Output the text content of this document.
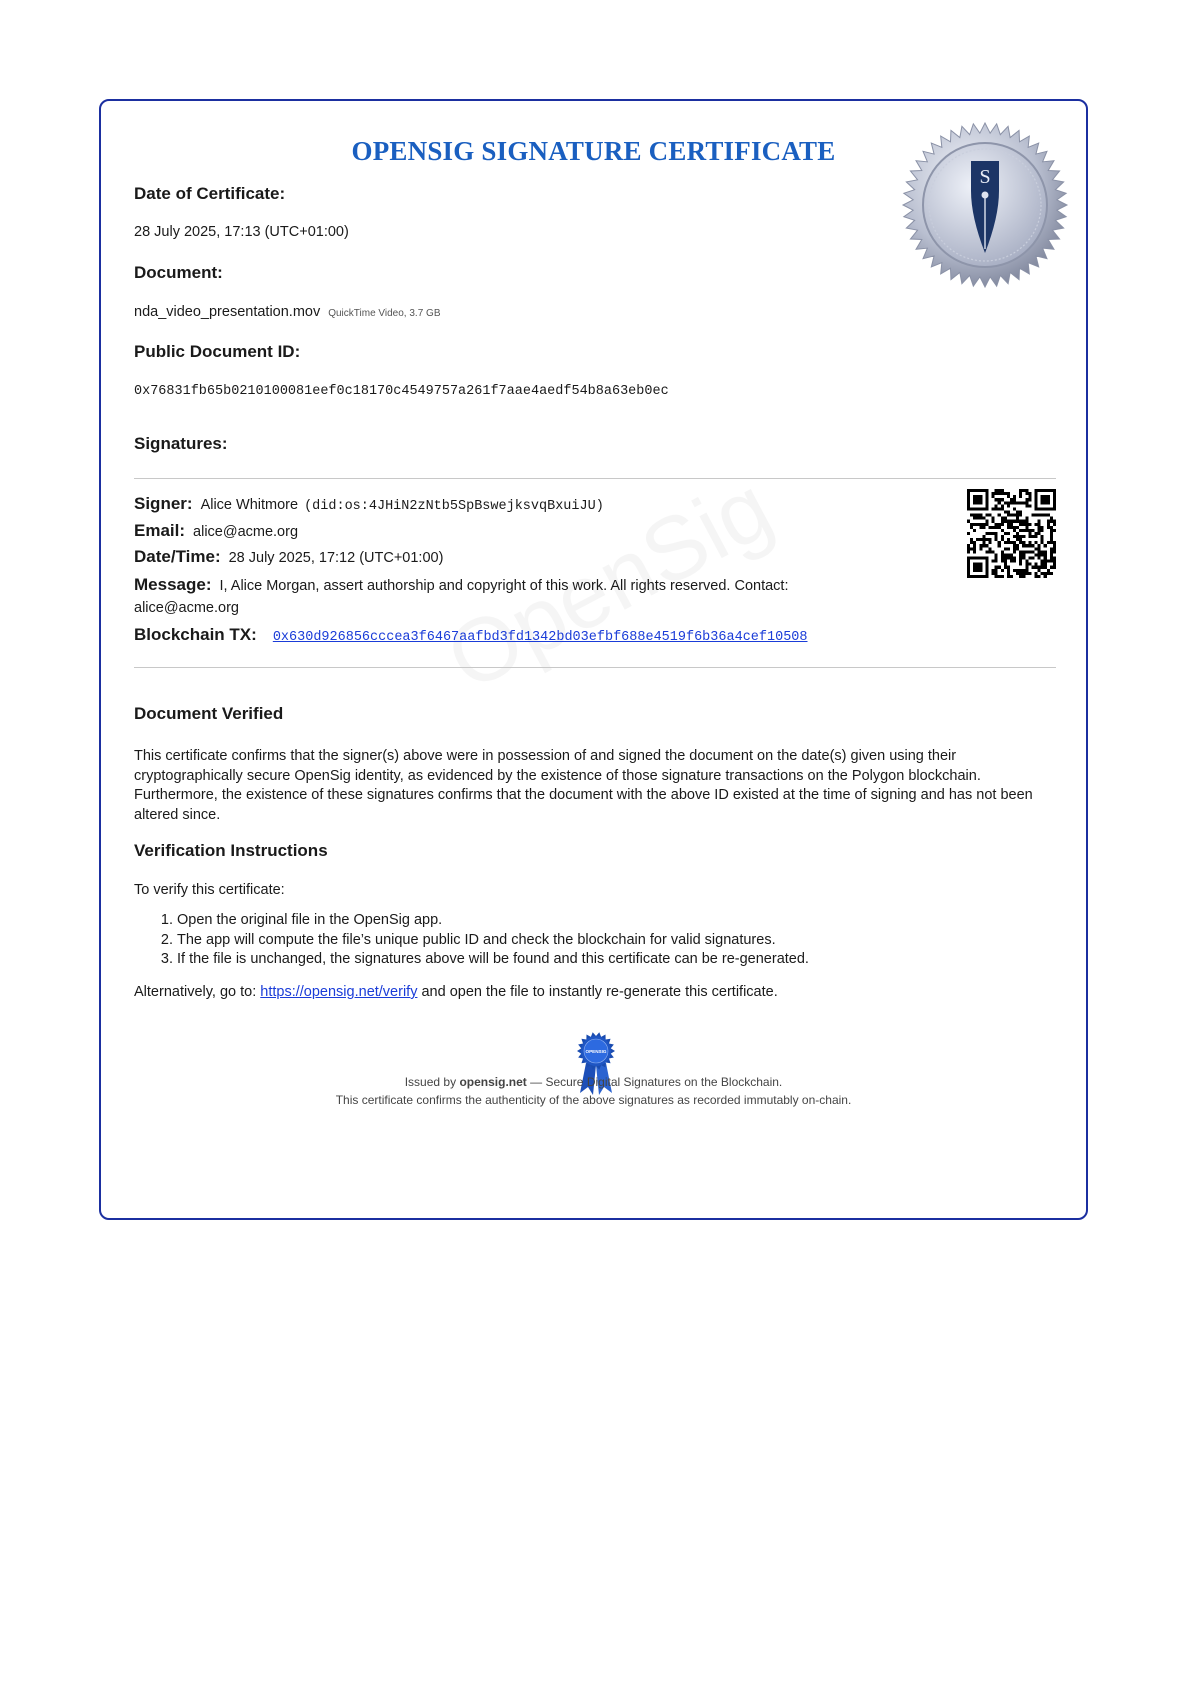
OPENSIG SIGNATURE CERTIFICATE
S
Date of Certificate:
28 July 2025, 17:13 (UTC+01:00)
Document:
nda_video_presentation.mov QuickTime Video, 3.7 GB
Public Document ID:
0x76831fb65b0210100081eef0c18170c4549757a261f7aae4aedf54b8a63eb0ec
Signatures:
Signer: Alice Whitmore (did:os:4JHiN2zNtb5SpBswejksvqBxuiJU)
Email: alice@acme.org
Date/Time: 28 July 2025, 17:12 (UTC+01:00)
Message: I, Alice Morgan, assert authorship and copyright of this work. All rights reserved. Contact: alice@acme.org
Blockchain TX: 0x630d926856cccea3f6467aafbd3fd1342bd03efbf688e4519f6b36a4cef10508
Document Verified
This certificate confirms that the signer(s) above were in possession of and signed the document on the date(s) given using their cryptographically secure OpenSig identity, as evidenced by the existence of those signature transactions on the Polygon blockchain. Furthermore, the existence of these signatures confirms that the document with the above ID existed at the time of signing and has not been altered since.
Verification Instructions
To verify this certificate:
1. Open the original file in the OpenSig app.
2. The app will compute the file’s unique public ID and check the blockchain for valid signatures.
3. If the file is unchanged, the signatures above will be found and this certificate can be re-generated.
Alternatively, go to: https://opensig.net/verify and open the file to instantly re-generate this certificate.
OPENSIG
Issued by opensig.net — Secure Digital Signatures on the Blockchain.
This certificate confirms the authenticity of the above signatures as recorded immutably on-chain.
